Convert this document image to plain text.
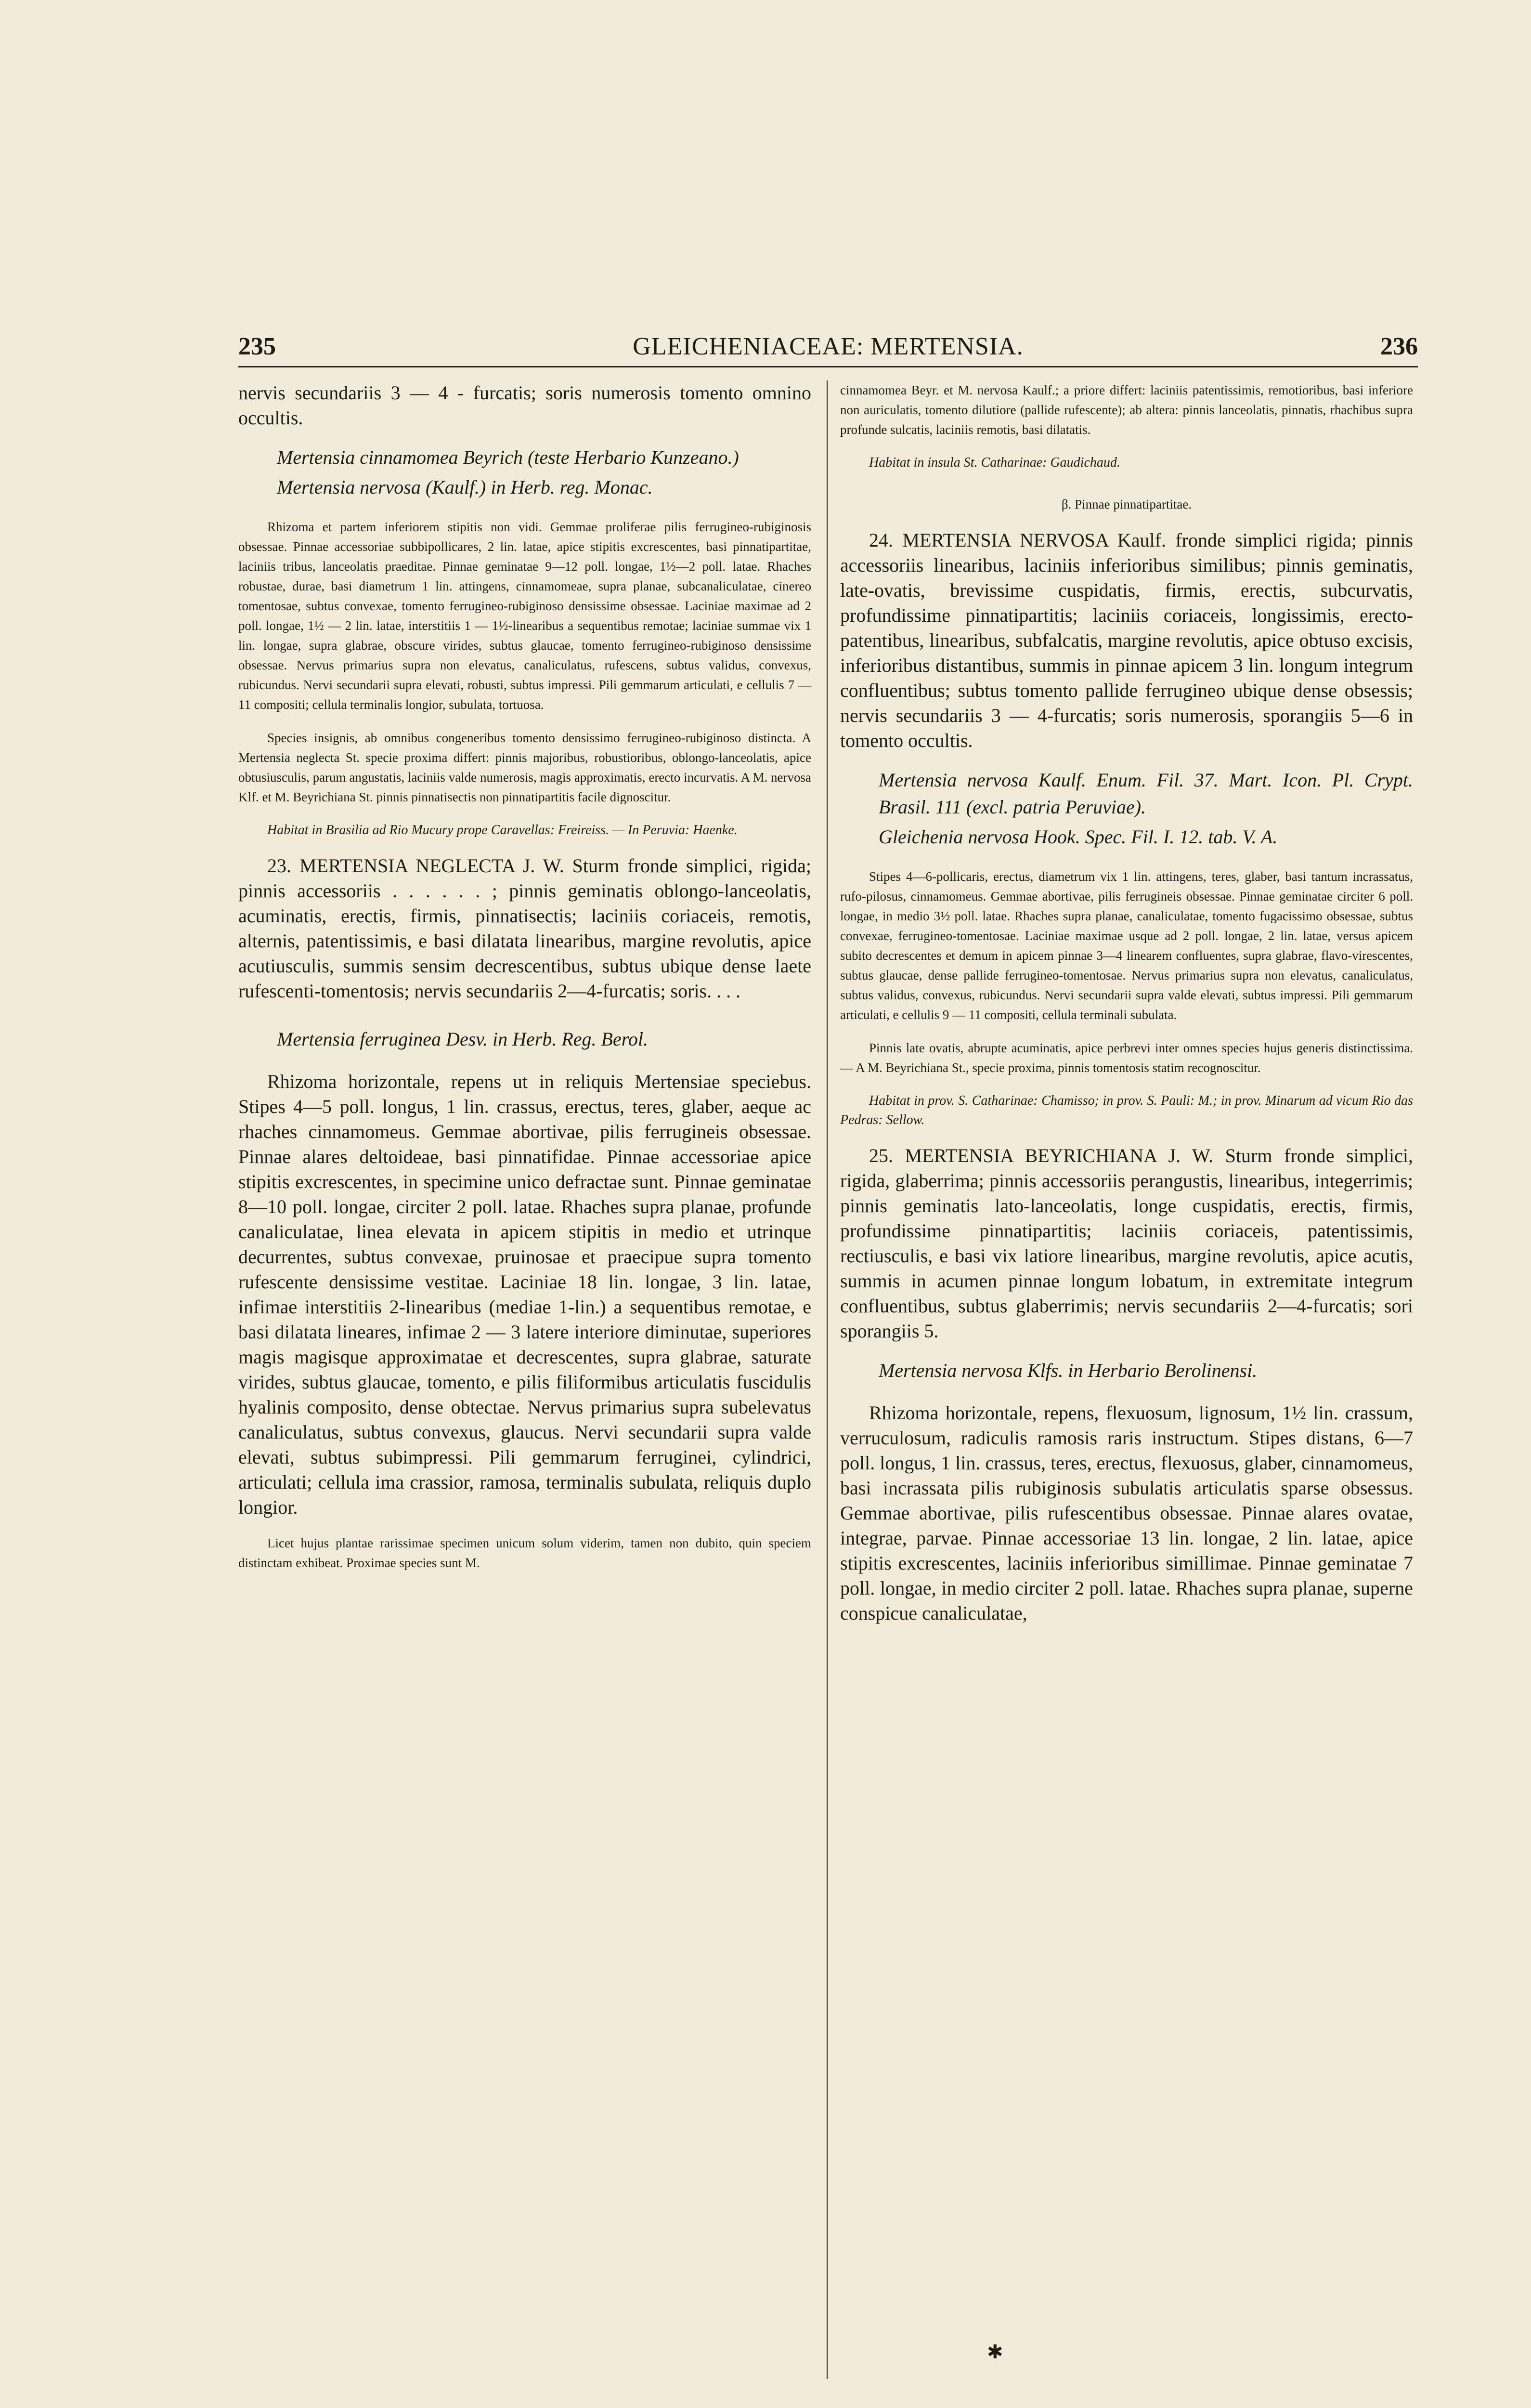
235	GLEICHENIACEAE: MERTENSIA.	236

nervis secundariis 3 — 4 - furcatis; soris numerosis tomento omnino occultis.

Mertensia cinnamomea Beyrich (teste Herbario Kunzeano.)

Mertensia nervosa (Kaulf.) in Herb. reg. Monac.

Rhizoma et partem inferiorem stipitis non vidi. Gemmae proliferae pilis ferrugineo-rubiginosis obsessae. Pinnae accessoriae subbipollicares, 2 lin. latae, apice stipitis excrescentes, basi pinnatipartitae, laciniis tribus, lanceolatis praeditae. Pinnae geminatae 9—12 poll. longae, 1½—2 poll. latae. Rhaches robustae, durae, basi diametrum 1 lin. attingens, cinnamomeae, supra planae, subcanaliculatae, cinereo tomentosae, subtus convexae, tomento ferrugineo-rubiginoso densissime obsessae. Laciniae maximae ad 2 poll. longae, 1½ — 2 lin. latae, interstitiis 1 — 1½-linearibus a sequentibus remotae; laciniae summae vix 1 lin. longae, supra glabrae, obscure virides, subtus glaucae, tomento ferrugineo-rubiginoso densissime obsessae. Nervus primarius supra non elevatus, canaliculatus, rufescens, subtus validus, convexus, rubicundus. Nervi secundarii supra elevati, robusti, subtus impressi. Pili gemmarum articulati, e cellulis 7 — 11 compositi; cellula terminalis longior, subulata, tortuosa.

Species insignis, ab omnibus congeneribus tomento densissimo ferrugineo-rubiginoso distincta. A Mertensia neglecta St. specie proxima differt: pinnis majoribus, robustioribus, oblongo-lanceolatis, apice obtusiusculis, parum angustatis, laciniis valde numerosis, magis approximatis, erecto incurvatis. A M. nervosa Klf. et M. Beyrichiana St. pinnis pinnatisectis non pinnatipartitis facile dignoscitur.

Habitat in Brasilia ad Rio Mucury prope Caravellas: Freireiss. — In Peruvia: Haenke.

23. MERTENSIA NEGLECTA J. W. Sturm fronde simplici, rigida; pinnis accessoriis . . . . . . ; pinnis geminatis oblongo-lanceolatis, acuminatis, erectis, firmis, pinnatisectis; laciniis coriaceis, remotis, alternis, patentissimis, e basi dilatata linearibus, margine revolutis, apice acutiusculis, summis sensim decrescentibus, subtus ubique dense laete rufescenti-tomentosis; nervis secundariis 2—4-furcatis; soris. . . .

Mertensia ferruginea Desv. in Herb. Reg. Berol.

Rhizoma horizontale, repens ut in reliquis Mertensiae speciebus. Stipes 4—5 poll. longus, 1 lin. crassus, erectus, teres, glaber, aeque ac rhaches cinnamomeus. Gemmae abortivae, pilis ferrugineis obsessae. Pinnae alares deltoideae, basi pinnatifidae. Pinnae accessoriae apice stipitis excrescentes, in specimine unico defractae sunt. Pinnae geminatae 8—10 poll. longae, circiter 2 poll. latae. Rhaches supra planae, profunde canaliculatae, linea elevata in apicem stipitis in medio et utrinque decurrentes, subtus convexae, pruinosae et praecipue supra tomento rufescente densissime vestitae. Laciniae 18 lin. longae, 3 lin. latae, infimae interstitiis 2-linearibus (mediae 1-lin.) a sequentibus remotae, e basi dilatata lineares, infimae 2 — 3 latere interiore diminutae, superiores magis magisque approximatae et decrescentes, supra glabrae, saturate virides, subtus glaucae, tomento, e pilis filiformibus articulatis fuscidulis hyalinis composito, dense obtectae. Nervus primarius supra subelevatus canaliculatus, subtus convexus, glaucus. Nervi secundarii supra valde elevati, subtus subimpressi. Pili gemmarum ferruginei, cylindrici, articulati; cellula ima crassior, ramosa, terminalis subulata, reliquis duplo longior.

Licet hujus plantae rarissimae specimen unicum solum viderim, tamen non dubito, quin speciem distinctam exhibeat. Proximae species sunt M.

cinnamomea Beyr. et M. nervosa Kaulf.; a priore differt: laciniis patentissimis, remotioribus, basi inferiore non auriculatis, tomento dilutiore (pallide rufescente); ab altera: pinnis lanceolatis, pinnatis, rhachibus supra profunde sulcatis, laciniis remotis, basi dilatatis.

Habitat in insula St. Catharinae: Gaudichaud.

β. Pinnae pinnatipartitae.

24. MERTENSIA NERVOSA Kaulf. fronde simplici rigida; pinnis accessoriis linearibus, laciniis inferioribus similibus; pinnis geminatis, late-ovatis, brevissime cuspidatis, firmis, erectis, subcurvatis, profundissime pinnatipartitis; laciniis coriaceis, longissimis, erecto-patentibus, linearibus, subfalcatis, margine revolutis, apice obtuso excisis, inferioribus distantibus, summis in pinnae apicem 3 lin. longum integrum confluentibus; subtus tomento pallide ferrugineo ubique dense obsessis; nervis secundariis 3 — 4-furcatis; soris numerosis, sporangiis 5—6 in tomento occultis.

Mertensia nervosa Kaulf. Enum. Fil. 37. Mart. Icon. Pl. Crypt. Brasil. 111 (excl. patria Peruviae).

Gleichenia nervosa Hook. Spec. Fil. I. 12. tab. V. A.

Stipes 4—6-pollicaris, erectus, diametrum vix 1 lin. attingens, teres, glaber, basi tantum incrassatus, rufo-pilosus, cinnamomeus. Gemmae abortivae, pilis ferrugineis obsessae. Pinnae geminatae circiter 6 poll. longae, in medio 3½ poll. latae. Rhaches supra planae, canaliculatae, tomento fugacissimo obsessae, subtus convexae, ferrugineo-tomentosae. Laciniae maximae usque ad 2 poll. longae, 2 lin. latae, versus apicem subito decrescentes et demum in apicem pinnae 3—4 linearem confluentes, supra glabrae, flavo-virescentes, subtus glaucae, dense pallide ferrugineo-tomentosae. Nervus primarius supra non elevatus, canaliculatus, subtus validus, convexus, rubicundus. Nervi secundarii supra valde elevati, subtus impressi. Pili gemmarum articulati, e cellulis 9 — 11 compositi, cellula terminali subulata.

Pinnis late ovatis, abrupte acuminatis, apice perbrevi inter omnes species hujus generis distinctissima. — A M. Beyrichiana St., specie proxima, pinnis tomentosis statim recognoscitur.

Habitat in prov. S. Catharinae: Chamisso; in prov. S. Pauli: M.; in prov. Minarum ad vicum Rio das Pedras: Sellow.

25. MERTENSIA BEYRICHIANA J. W. Sturm fronde simplici, rigida, glaberrima; pinnis accessoriis perangustis, linearibus, integerrimis; pinnis geminatis lato-lanceolatis, longe cuspidatis, erectis, firmis, profundissime pinnatipartitis; laciniis coriaceis, patentissimis, rectiusculis, e basi vix latiore linearibus, margine revolutis, apice acutis, summis in acumen pinnae longum lobatum, in extremitate integrum confluentibus, subtus glaberrimis; nervis secundariis 2—4-furcatis; sori sporangiis 5.

Mertensia nervosa Klfs. in Herbario Berolinensi.

Rhizoma horizontale, repens, flexuosum, lignosum, 1½ lin. crassum, verruculosum, radiculis ramosis raris instructum. Stipes distans, 6—7 poll. longus, 1 lin. crassus, teres, erectus, flexuosus, glaber, cinnamomeus, basi incrassata pilis rubiginosis subulatis articulatis sparse obsessus. Gemmae abortivae, pilis rufescentibus obsessae. Pinnae alares ovatae, integrae, parvae. Pinnae accessoriae 13 lin. longae, 2 lin. latae, apice stipitis excrescentes, laciniis inferioribus simillimae. Pinnae geminatae 7 poll. longae, in medio circiter 2 poll. latae. Rhaches supra planae, superne conspicue canaliculatae,

✱
